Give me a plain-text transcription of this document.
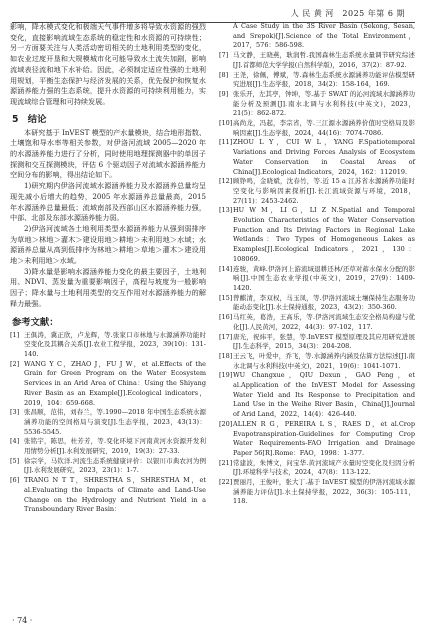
人 民 黄 河　2025 年第 6 期

影响，降水模式变化和极端天气事件增多将导致水资源的强烈变化，直接影响流域生态系统的稳定性和水资源的可持续性；另一方面要关注与人类活动密切相关的土地利用类型的变化，如农业过度开垦和大规模城市化可能导致水土流失加剧，影响流域表径流和地下水补给。因此，必须制定适应性强的土地利用规划，平衡生态保护与经济发展的关系，优先保护和恢复水源涵养能力强的生态系统，提升水资源的可持续利用能力，实现流域综合管理和可持续发展。

5　结论

本研究基于 InVEST 模型的产水量模块，结合地形指数、土壤饱和导水率等相关参数，对伊洛河流域 2005—2020 年的水源涵养能力进行了分析，同时使用地理探测器中的单因子探测和交互探测模块，评估 6 个驱动因子对流域水源涵养能力空间分布的影响，得出结论如下。

1)研究期内伊洛河流域水源涵养能力及水源涵养总量均呈现先减小后增大的趋势，2005 年水源涵养总量最高，2015 年水源涵养总量最低；流域南部及西部山区水源涵养能力强，中部、北部及东部水源涵养能力弱。

2)伊洛河流域各土地利用类型水源涵养能力从强到弱排序为草地＞林地＞灌木＞建设用地＞耕地＞未利用地＞水域；水源涵养总量从高到低排序为林地＞耕地＞草地＞灌木＞建设用地＞未利用地＞水域。

3)降水量是影响水源涵养能力变化的最主要因子，土地利用、NDVI、蒸发量为重要影响因子，高程与坡度为一般影响因子；降水量与土地利用类型的交互作用对水源涵养能力的解释力最强。

参考文献：
[1] 王俱涛，冀正欣，卢龙辉，等.张家口市林地与水源涵养功能时空变化及其耦合关系[J].农业工程学报，2023，39(10)：131-140.
[2] WANG Y C，ZHAO J，FU J W，et al.Effects of the Grain for Green Program on the Water Ecosystem Services in an Arid Area of China：Using the Shiyang River Basin as an Example[J].Ecological indicators，2019，104：659-668.
[3] 张昌顺，范伟，刘春兰，等.1990—2018 年中国生态系统水源涵养功能的空间格局与演变[J].生态学报，2023，43(13)：5536-5545.
[4] 张铭宇，陈思，杜芳芳，等.变化环境下河南黄河水资源开发利用情势分析[J].水利发展研究，2019，19(3)：27-33.
[5] 徐宗学，马钦洋.河流生态系统健康评价：以银川市典农河为例[J].水利发展研究，2023，23(1)：1-7.
[6] TRANG N T T，SHRESTHA S，SHRESTHA M，et al.Evaluating the Impacts of Climate and Land-Use Change on the Hydrology and Nutrient Yield in a Transboundary River Basin：
A Case Study in the 3S River Basin (Sekong, Sesan, and Srepok)[J].Science of the Total Environment，2017，576：586-598.
[7] 马文静，王晓燕，耿润哲.我国森林生态系统水量调节研究综述[J].首都师范大学学报(自然科学版)，2016，37(2)：87-92.
[8] 王尧，徐佩，傅斌，等.森林生态系统水源涵养功能评估模型研究进展[J].生态学报，2018，34(2)：158-164，169.
[9] 张乐开，左其亭，钟坤，等.基于 SWAT 的沁河流域水源涵养功能分析及预测[J].南水北调与水利科技(中英文)，2023，21(5)：862-872.
[10] 高尚龙，冯起，李宗省，等.三江源水源涵养价值时空格局及影响因素[J].生态学报，2024，44(16)：7074-7086.
[11] ZHOU L Y，CUI W L，YANG F.Spatiotemporal Variations and Driving Forces Analysis of Ecosystem Water Conservation in Coastal Areas of China[J].Ecological Indicators，2024，162：112019.
[12] 顾铮鸣，金晓斌，沈春竹，等.近 15 a 江苏省水源涵养功能时空变化与影响因素探析[J].长江流域资源与环境，2018，27(11)：2453-2462.
[13] HU W M，LI G，LI Z N.Spatial and Temporal Evolution Characteristics of the Water Conservation Function and Its Driving Factors in Regional Lake Wetlands：Two Types of Homogeneous Lakes as Examples[J].Ecological Indicators，2021，130：108069.
[14] 连骏，黄峰.伊洛河上游流域退耕还林/还草对蓄水保水分配的影响[J].中国生态农业学报(中英文)，2019，27(9)：1409-1420.
[15] 曾麒清，李双权，马玉凤，等.伊洛河流域土壤保持生态服务功能动态变化[J].水土保持通报，2023，43(2)：350-360.
[16] 马红英，葛浩，王高乐，等.伊洛河流域生态安全格局构建与优化[J].人民黄河，2022，44(3)：97-102，117.
[17] 唐光，祝炜平，张慧，等.InVEST 模型原理及其应用研究进展[J].生态科学，2015，34(3)：204-208.
[18] 王云飞，叶爱中，乔飞，等.水源涵养内涵及估算方法综述[J].南水北调与水利科技(中英文)，2021，19(6)：1041-1071.
[19] WU Changxue，QIU Dexun，GAO Peng，et al.Application of the InVEST Model for Assessing Water Yield and Its Response to Precipitation and Land Use in the Weihe River Basin，China[J].Journal of Arid Land，2022，14(4)：426-440.
[20] ALLEN R G，PEREIRA L S，RAES D，et al.Crop Evapotranspiration-Guidelines for Computing Crop Water Requirements-FAO Irrigation and Drainage Paper 56[R].Rome：FAO，1998：1-377.
[21] 常建波，朱博文，问宝华.黄河流域产水量时空变化及归因分析[J].环境科学与技术，2024，47(8)：113-122.
[22] 贾丽月，王俊叶，张大丁.基于 InVEST 模型的伊洛河流域水源涵养能力评估[J].水土保持学报，2022，36(3)：105-111，118.
· 74 ·
